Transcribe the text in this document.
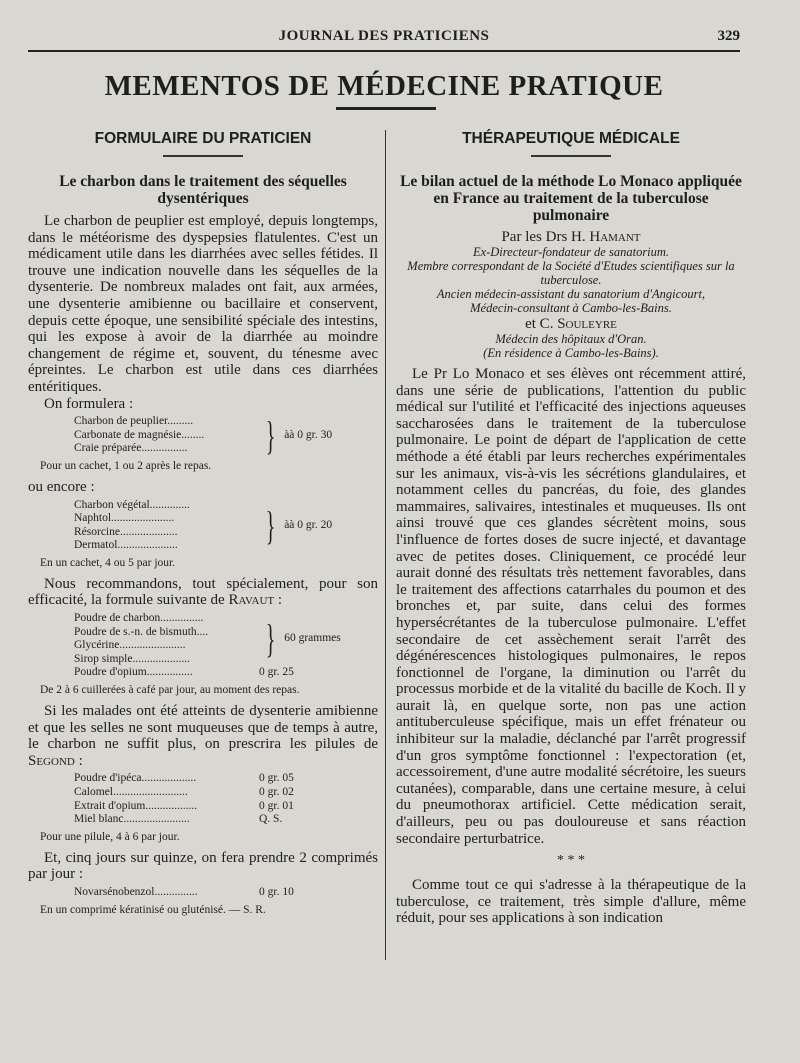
JOURNAL DES PRATICIENS	329
MEMENTOS DE MÉDECINE PRATIQUE
FORMULAIRE DU PRATICIEN
Le charbon dans le traitement des séquelles dysentériques

Le charbon de peuplier est employé, depuis longtemps, dans le météorisme des dyspepsies flatulentes. C'est un médicament utile dans les diarrhées avec selles fétides. Il trouve une indication nouvelle dans les séquelles de la dysenterie. De nombreux malades ont fait, aux armées, une dysenterie amibienne ou bacillaire et conservent, depuis cette époque, une sensibilité spéciale des intestins, qui les expose à avoir de la diarrhée au moindre changement de régime et, souvent, du ténesme avec épreintes. Le charbon est utile dans ces diarrhées entéritiques.

On formulera :

Charbon de peuplier.........
Carbonate de magnésie........
Craie préparée................	} àà 0 gr. 30
Pour un cachet, 1 ou 2 après le repas.

ou encore :

Charbon végétal..............
Naphtol......................
Résorcine....................
Dermatol.....................	} àà 0 gr. 20
En un cachet, 4 ou 5 par jour.

Nous recommandons, tout spécialement, pour son efficacité, la formule suivante de Ravaut :

Poudre de charbon...............
Poudre de s.-n. de bismuth....
Glycérine.......................
Sirop simple....................	} 60 grammes
Poudre d'opium................	0 gr. 25
De 2 à 6 cuillerées à café par jour, au moment des repas.

Si les malades ont été atteints de dysenterie amibienne et que les selles ne sont muqueuses que de temps à autre, le charbon ne suffit plus, on prescrira les pilules de Segond :

Poudre d'ipéca...................	0 gr. 05
Calomel..........................	0 gr. 02
Extrait d'opium..................	0 gr. 01
Miel blanc.......................	Q. S.
Pour une pilule, 4 à 6 par jour.

Et, cinq jours sur quinze, on fera prendre 2 comprimés par jour :

Novarsénobenzol...............	0 gr. 10
En un comprimé kératinisé ou gluténisé. — S. R.
THÉRAPEUTIQUE MÉDICALE
Le bilan actuel de la méthode Lo Monaco appliquée en France au traitement de la tuberculose pulmonaire
Par les Drs H. Hamant
Ex-Directeur-fondateur de sanatorium.
Membre correspondant de la Société d'Etudes scientifiques sur la tuberculose.
Ancien médecin-assistant du sanatorium d'Angicourt,
Médecin-consultant à Cambo-les-Bains.
et C. Souleyre
Médecin des hôpitaux d'Oran.
(En résidence à Cambo-les-Bains).

Le Pr Lo Monaco et ses élèves ont récemment attiré, dans une série de publications, l'attention du public médical sur l'utilité et l'efficacité des injections aqueuses saccharosées dans le traitement de la tuberculose pulmonaire. Le point de départ de l'application de cette méthode a été établi par leurs recherches expérimentales sur les animaux, vis-à-vis les sécrétions glandulaires, et notamment celles du pancréas, du foie, des glandes mammaires, salivaires, intestinales et muqueuses. Ils ont ainsi trouvé que ces glandes sécrètent moins, sous l'influence de fortes doses de sucre injecté, et davantage avec de petites doses. Cliniquement, ce procédé leur aurait donné des résultats très nettement favorables, dans le traitement des affections catarrhales du poumon et des bronches et, par suite, dans celui des formes hypersécrétantes de la tuberculose pulmonaire. L'effet secondaire de cet assèchement serait l'arrêt des dégénérescences histologiques pulmonaires, le repos fonctionnel de l'organe, la diminution ou l'arrêt du processus morbide et de la vitalité du bacille de Koch. Il y aurait là, en quelque sorte, non pas une action antituberculeuse spécifique, mais un effet frénateur ou inhibiteur sur la maladie, déclanché par l'arrêt progressif d'un gros symptôme fonctionnel : l'expectoration (et, accessoirement, d'une autre modalité sécrétoire, les sueurs cutanées), comparable, dans une certaine mesure, à celui du pneumothorax artificiel. Cette médication serait, d'ailleurs, peu ou pas douloureuse et sans réaction secondaire perturbatrice.

* * *

Comme tout ce qui s'adresse à la thérapeutique de la tuberculose, ce traitement, très simple d'allure, même réduit, pour ses applications à son indication
